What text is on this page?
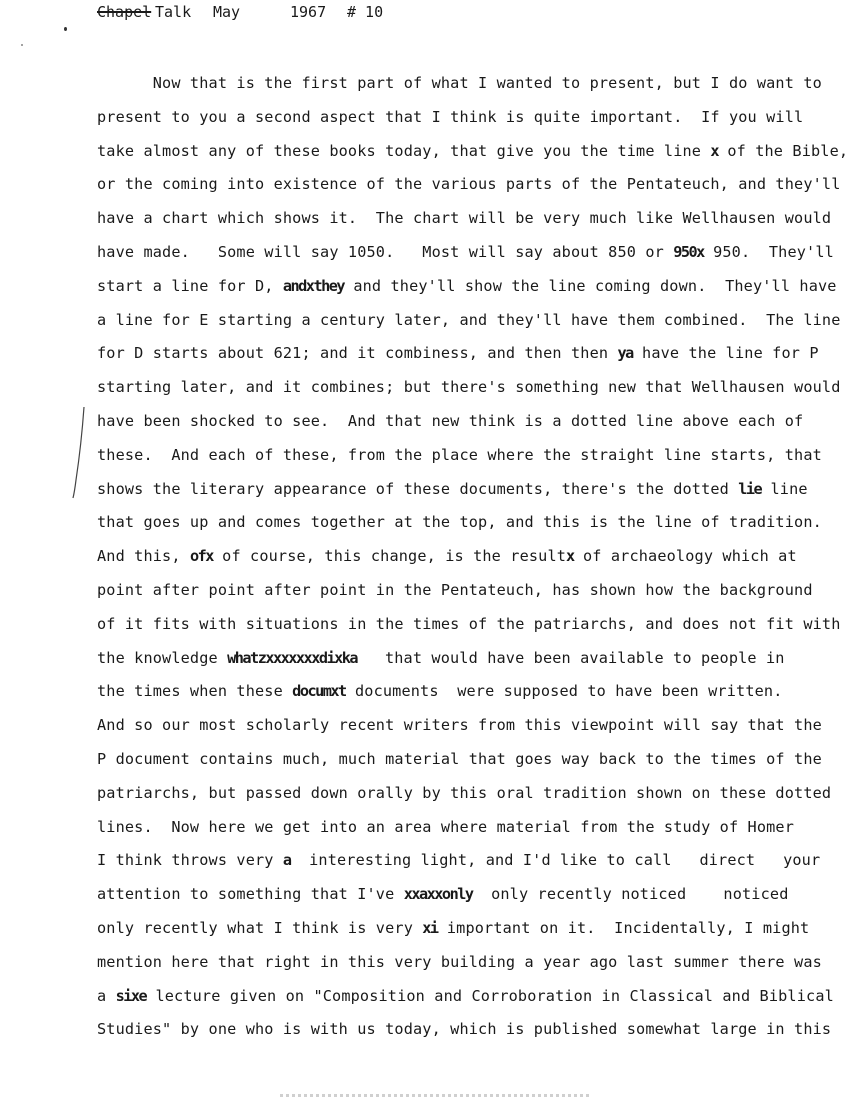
Chapel Talk May	1967 # 10
Now that is the first part of what I wanted to present, but I do want to
present to you a second aspect that I think is quite important.  If you will
take almost any of these books today, that give you the time line x of the Bible,
or the coming into existence of the various parts of the Pentateuch, and they'll
have a chart which shows it.  The chart will be very much like Wellhausen would
have made.   Some will say 1050.   Most will say about 850 or 950x 950.  They'll
start a line for D, andxthey and they'll show the line coming down.  They'll have
a line for E starting a century later, and they'll have them combined.  The line
for D starts about 621; and it combiness, and then then ya have the line for P
starting later, and it combines; but there's something new that Wellhausen would
have been shocked to see.  And that new think is a dotted line above each of
these.  And each of these, from the place where the straight line starts, that
shows the literary appearance of these documents, there's the dotted lie line
that goes up and comes together at the top, and this is the line of tradition.
And this, ofx of course, this change, is the resultx of archaeology which at
point after point after point in the Pentateuch, has shown how the background
of it fits with situations in the times of the patriarchs, and does not fit with
the knowledge whatzxxxxxxxdixka   that would have been available to people in
the times when these documxt documents  were supposed to have been written.
And so our most scholarly recent writers from this viewpoint will say that the
P document contains much, much material that goes way back to the times of the
patriarchs, but passed down orally by this oral tradition shown on these dotted
lines.  Now here we get into an area where material from the study of Homer
I think throws very a  interesting light, and I'd like to call   direct   your
attention to something that I've xxaxxonly  only recently noticed    noticed
only recently what I think is very xi important on it.  Incidentally, I might
mention here that right in this very building a year ago last summer there was
a sixe lecture given on "Composition and Corroboration in Classical and Biblical
Studies" by one who is with us today, which is published somewhat large in this
